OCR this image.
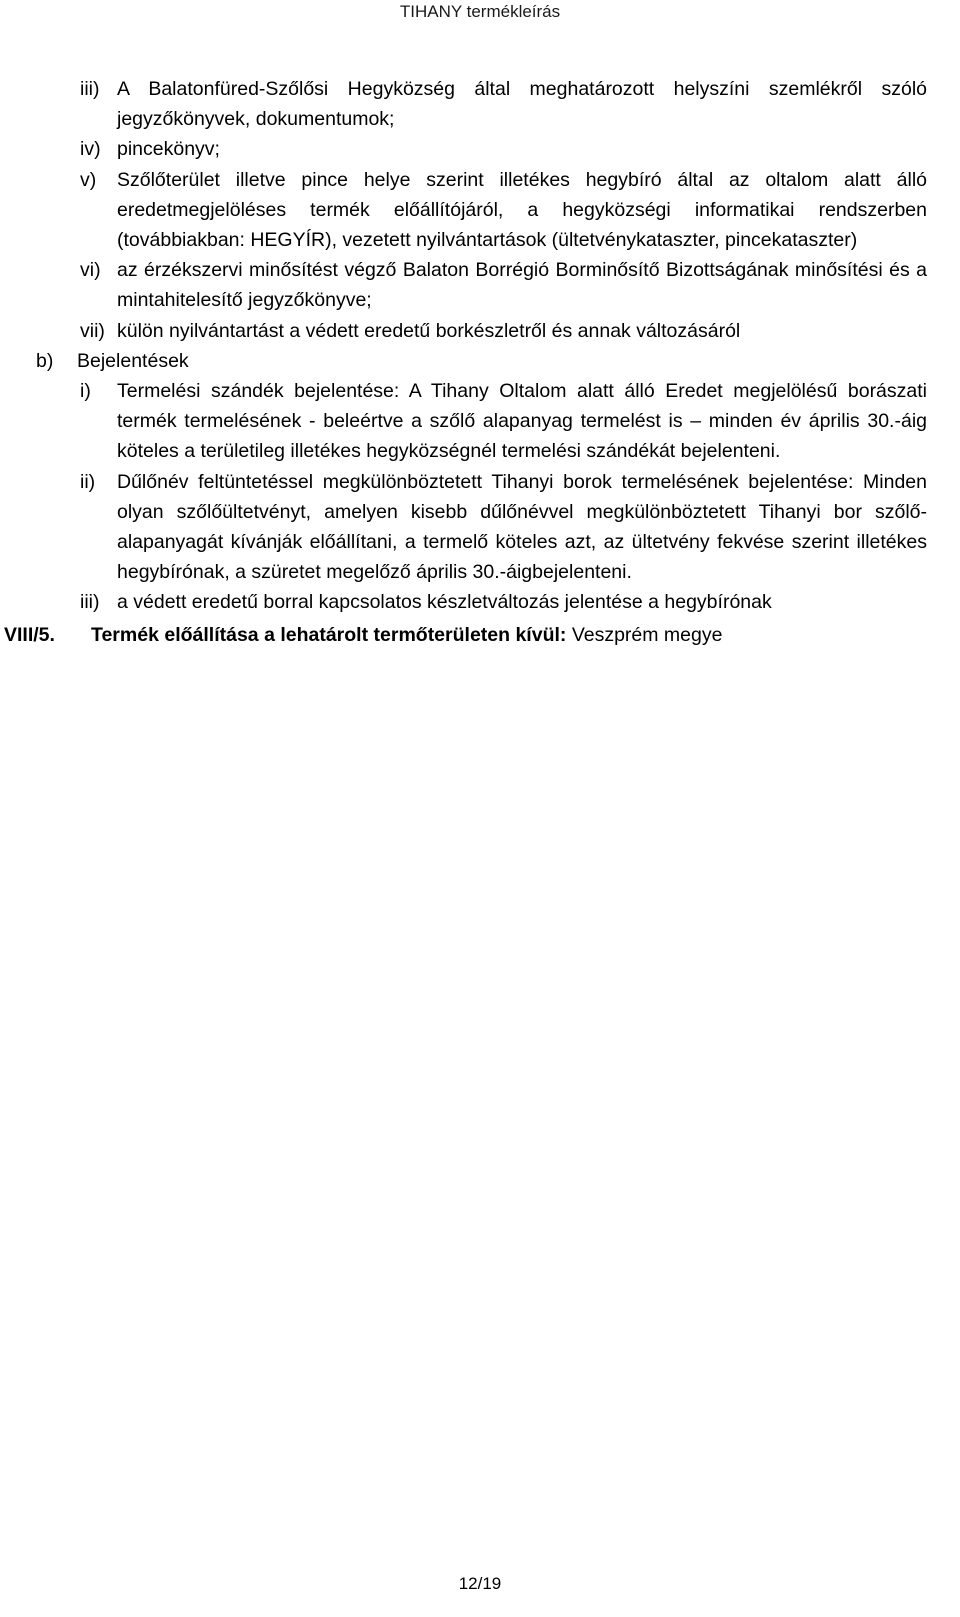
TIHANY termékleírás
iii) A Balatonfüred-Szőlősi Hegyközség által meghatározott helyszíni szemlékről szóló jegyzőkönyvek, dokumentumok;
iv) pincekönyv;
v) Szőlőterület illetve pince helye szerint illetékes hegybíró által az oltalom alatt álló eredetmegjelöléses termék előállítójáról, a hegyközségi informatikai rendszerben (továbbiakban: HEGYÍR), vezetett nyilvántartások (ültetvénykataszter, pincekataszter)
vi) az érzékszervi minősítést végző Balaton Borrégió Borminősítő Bizottságának minősítési és a mintahitelesítő jegyzőkönyve;
vii) külön nyilvántartást a védett eredetű borkészletről és annak változásáról
b) Bejelentések
i) Termelési szándék bejelentése: A Tihany Oltalom alatt álló Eredet megjelölésű borászati termék termelésének - beleértve a szőlő alapanyag termelést is – minden év április 30.-áig köteles a területileg illetékes hegyközségnél termelési szándékát bejelenteni.
ii) Dűlőnév feltüntetéssel megkülönböztetett Tihanyi borok termelésének bejelentése: Minden olyan szőlőültetvényt, amelyen kisebb dűlőnévvel megkülönböztetett Tihanyi bor szőlő-alapanyagát kívánják előállítani, a termelő köteles azt, az ültetvény fekvése szerint illetékes hegybírónak, a szüretet megelőző április 30.-áigbejelenteni.
iii) a védett eredetű borral kapcsolatos készletváltozás jelentése a hegybírónak
VIII/5. Termék előállítása a lehatárolt termőterületen kívül: Veszprém megye
12/19
